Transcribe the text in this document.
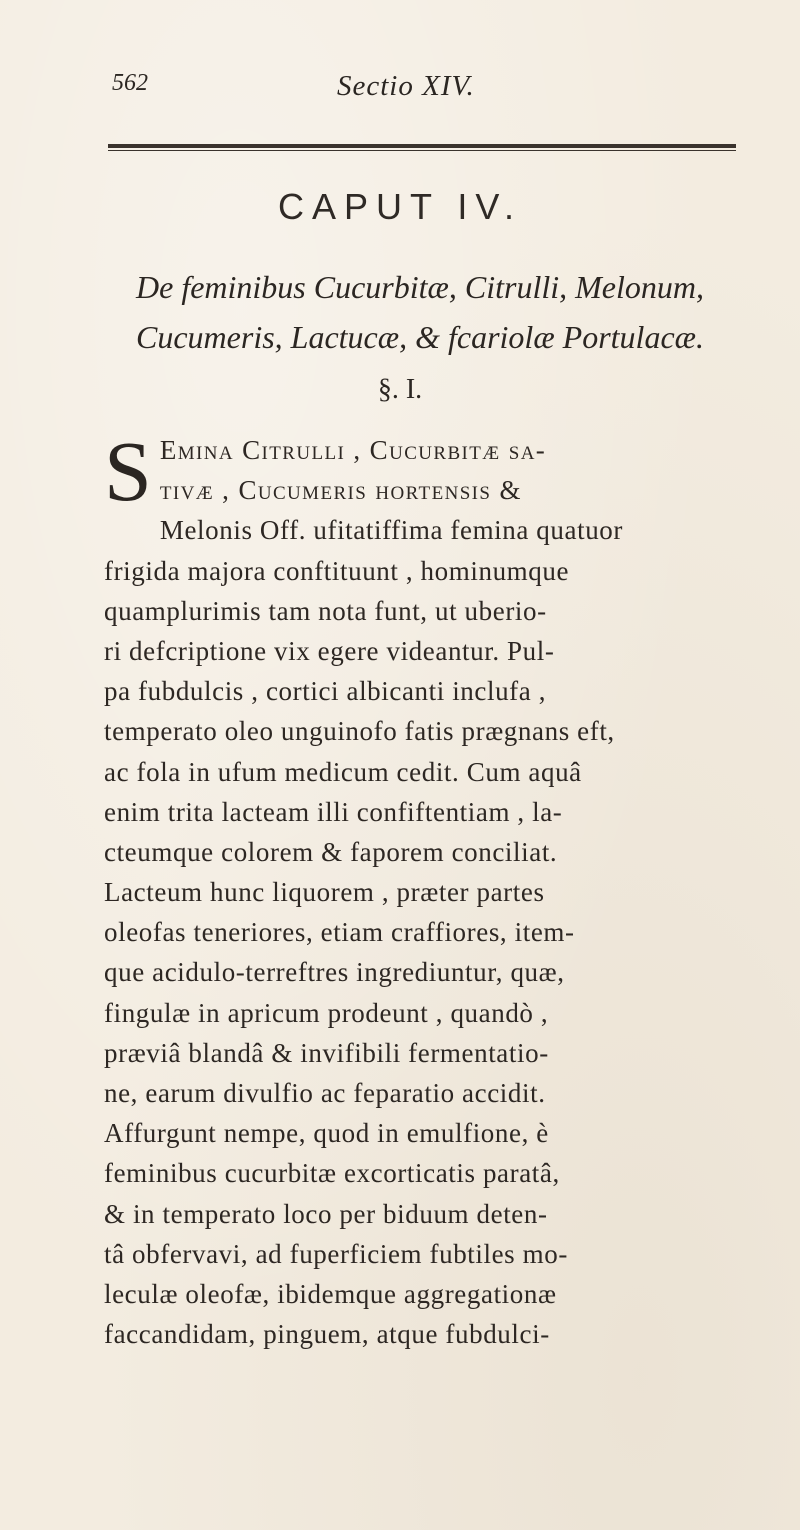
562	Sectio XIV.
CAPUT IV.
De feminibus Cucurbitæ, Citrulli, Melonum,
Cucumeris, Lactucæ, & fcariolæ Portulacæ.
§. I.
S Emina Citrulli , Cucurbitæ sa-
tivæ , Cucumeris hortensis &
Melonis Off. ufitatiffima femina quatuor
frigida majora conftituunt , hominumque
quamplurimis tam nota funt, ut uberio-
ri defcriptione vix egere videantur. Pul-
pa fubdulcis , cortici albicanti inclufa ,
temperato oleo unguinofo fatis prægnans eft,
ac fola in ufum medicum cedit. Cum aquâ
enim trita lacteam illi confiftentiam , la-
cteumque colorem & faporem conciliat.
Lacteum hunc liquorem , præter partes
oleofas teneriores, etiam craffiores, item-
que acidulo-terreftres ingrediuntur, quæ,
fingulæ in apricum prodeunt , quandò ,
præviâ blandâ & invifibili fermentatio-
ne, earum divulfio ac feparatio accidit.
Affurgunt nempe, quod in emulfione, è
feminibus cucurbitæ excorticatis paratâ,
& in temperato loco per biduum deten-
tâ obfervavi, ad fuperficiem fubtiles mo-
leculæ oleofæ, ibidemque aggregationæ
faccandidam, pinguem, atque fubdulci-
